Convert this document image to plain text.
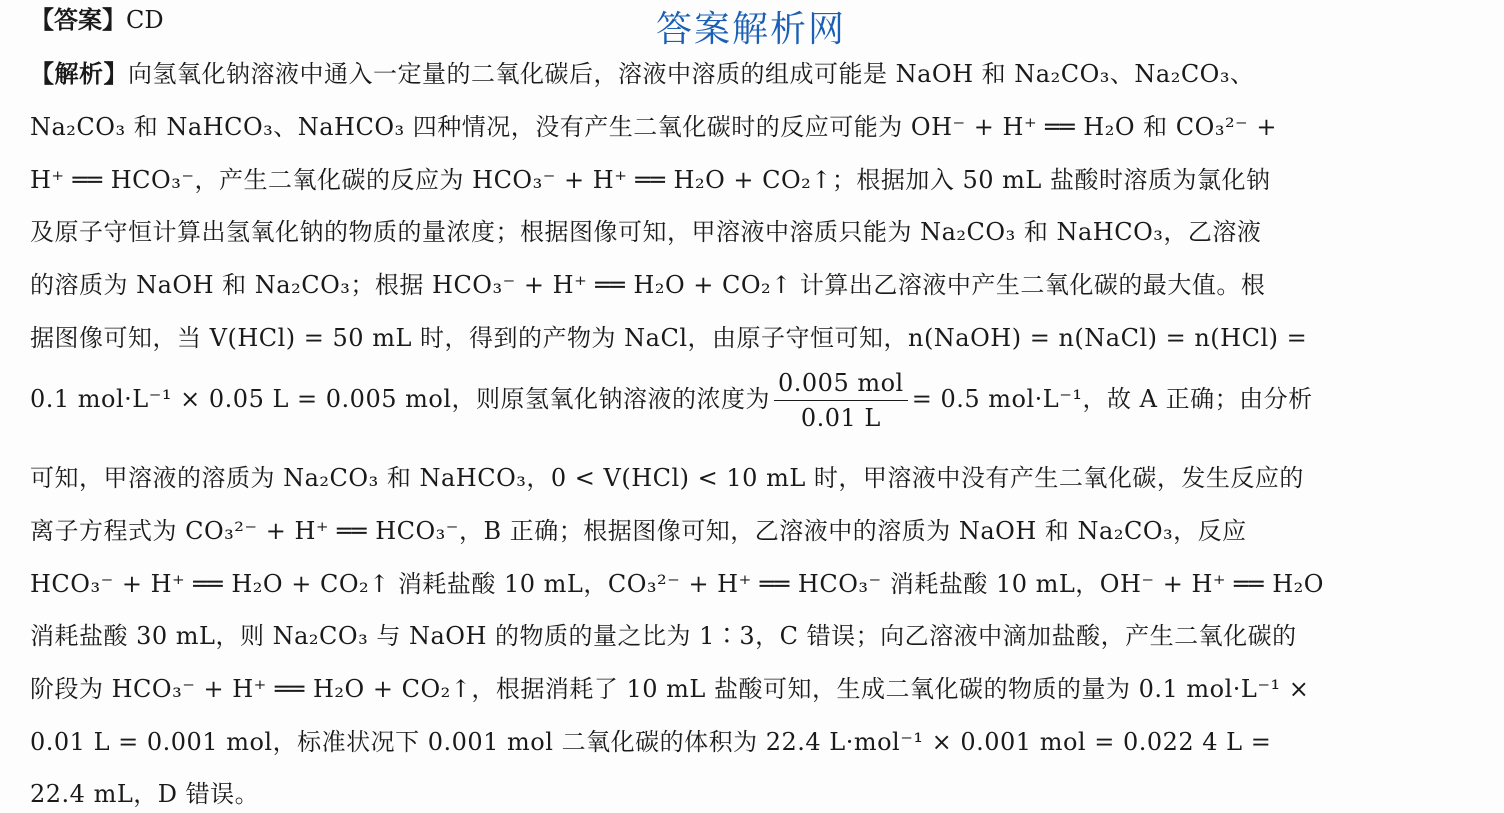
【答案】CD	答案解析网
【解析】向氢氧化钠溶液中通入一定量的二氧化碳后，溶液中溶质的组成可能是 NaOH 和 Na₂CO₃、Na₂CO₃、
Na₂CO₃ 和 NaHCO₃、NaHCO₃ 四种情况，没有产生二氧化碳时的反应可能为 OH⁻ + H⁺ ══ H₂O 和 CO₃²⁻ +
H⁺ ══ HCO₃⁻，产生二氧化碳的反应为 HCO₃⁻ + H⁺ ══ H₂O + CO₂↑；根据加入 50 mL 盐酸时溶质为氯化钠
及原子守恒计算出氢氧化钠的物质的量浓度；根据图像可知，甲溶液中溶质只能为 Na₂CO₃ 和 NaHCO₃，乙溶液
的溶质为 NaOH 和 Na₂CO₃；根据 HCO₃⁻ + H⁺ ══ H₂O + CO₂↑ 计算出乙溶液中产生二氧化碳的最大值。根
据图像可知，当 V(HCl) = 50 mL 时，得到的产物为 NaCl，由原子守恒可知，n(NaOH) = n(NaCl) = n(HCl) =
0.1 mol·L⁻¹ × 0.05 L = 0.005 mol，则原氢氧化钠溶液的浓度为 $\frac{\text{0.005 mol}}{0.01 L} = 0.5$ mol·L⁻¹，故 A 正确；由分析
可知，甲溶液的溶质为 Na₂CO₃ 和 NaHCO₃，0 < V(HCl) < 10 mL 时，甲溶液中没有产生二氧化碳，发生反应的
离子方程式为 CO₃²⁻ + H⁺ ══ HCO₃⁻，B 正确；根据图像可知，乙溶液中的溶质为 NaOH 和 Na₂CO₃，反应
HCO₃⁻ + H⁺ ══ H₂O + CO₂↑ 消耗盐酸 10 mL，CO₃²⁻ + H⁺ ══ HCO₃⁻ 消耗盐酸 10 mL，OH⁻ + H⁺ ══ H₂O
消耗盐酸 30 mL，则 Na₂CO₃ 与 NaOH 的物质的量之比为 1∶3，C 错误；向乙溶液中滴加盐酸，产生二氧化碳的
阶段为 HCO₃⁻ + H⁺ ══ H₂O + CO₂↑，根据消耗了 10 mL 盐酸可知，生成二氧化碳的物质的量为 0.1 mol·L⁻¹ ×
0.01 L = 0.001 mol，标准状况下 0.001 mol 二氧化碳的体积为 22.4 L·mol⁻¹ × 0.001 mol = 0.022 4 L =
22.4 mL，D 错误。
